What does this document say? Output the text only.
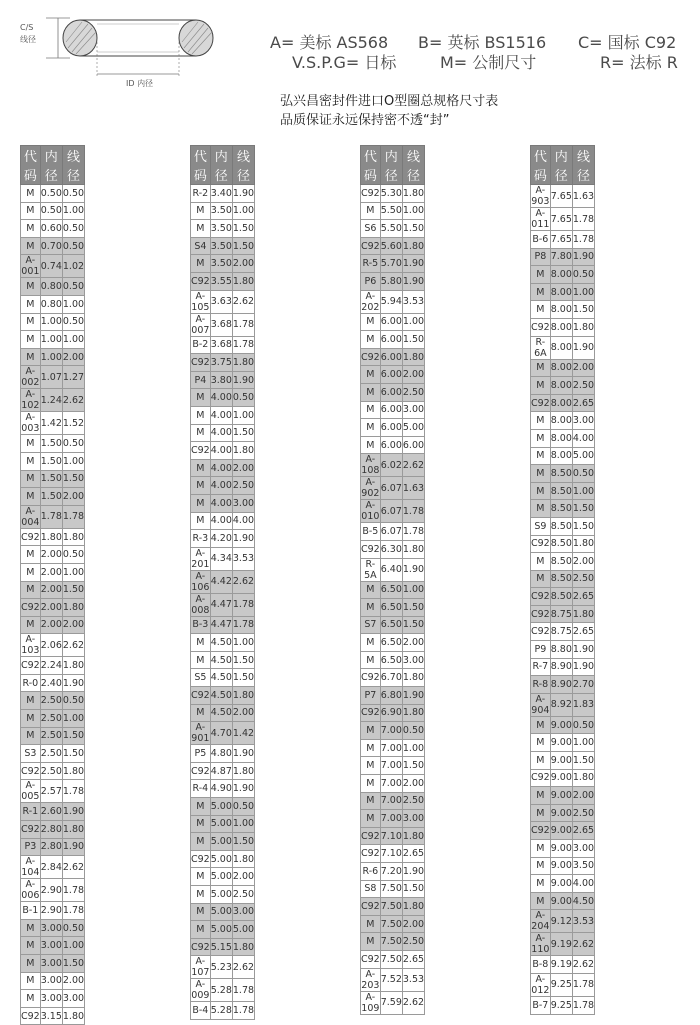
C/S
线径
ID 内径
A= 美标 AS568 B= 英标 BS1516 C= 国标 C92
V.S.P.G= 日标	M= 公制尺寸	R= 法标 R
弘兴昌密封件进口O型圈总规格尺寸表
品质保证永远保持密不透“封”
代码	内径	线径
M	0.50	0.50
M	0.50	1.00
M	0.60	0.50
M	0.70	0.50
A-001	0.74	1.02
M	0.80	0.50
M	0.80	1.00
M	1.00	0.50
M	1.00	1.00
M	1.00	2.00
A-002	1.07	1.27
A-102	1.24	2.62
A-003	1.42	1.52
M	1.50	0.50
M	1.50	1.00
M	1.50	1.50
M	1.50	2.00
A-004	1.78	1.78
C92	1.80	1.80
M	2.00	0.50
M	2.00	1.00
M	2.00	1.50
C92	2.00	1.80
M	2.00	2.00
A-103	2.06	2.62
C92	2.24	1.80
R-0	2.40	1.90
M	2.50	0.50
M	2.50	1.00
M	2.50	1.50
S3	2.50	1.50
C92	2.50	1.80
A-005	2.57	1.78
R-1	2.60	1.90
C92	2.80	1.80
P3	2.80	1.90
A-104	2.84	2.62
A-006	2.90	1.78
B-1	2.90	1.78
M	3.00	0.50
M	3.00	1.00
M	3.00	1.50
M	3.00	2.00
M	3.00	3.00
C92	3.15	1.80
代码	内径	线径
R-2	3.40	1.90
M	3.50	1.00
M	3.50	1.50
S4	3.50	1.50
M	3.50	2.00
C92	3.55	1.80
A-105	3.63	2.62
A-007	3.68	1.78
B-2	3.68	1.78
C92	3.75	1.80
P4	3.80	1.90
M	4.00	0.50
M	4.00	1.00
M	4.00	1.50
C92	4.00	1.80
M	4.00	2.00
M	4.00	2.50
M	4.00	3.00
M	4.00	4.00
R-3	4.20	1.90
A-201	4.34	3.53
A-106	4.42	2.62
A-008	4.47	1.78
B-3	4.47	1.78
M	4.50	1.00
M	4.50	1.50
S5	4.50	1.50
C92	4.50	1.80
M	4.50	2.00
A-901	4.70	1.42
P5	4.80	1.90
C92	4.87	1.80
R-4	4.90	1.90
M	5.00	0.50
M	5.00	1.00
M	5.00	1.50
C92	5.00	1.80
M	5.00	2.00
M	5.00	2.50
M	5.00	3.00
M	5.00	5.00
C92	5.15	1.80
A-107	5.23	2.62
A-009	5.28	1.78
B-4	5.28	1.78
代码	内径	线径
C92	5.30	1.80
M	5.50	1.00
S6	5.50	1.50
C92	5.60	1.80
R-5	5.70	1.90
P6	5.80	1.90
A-202	5.94	3.53
M	6.00	1.00
M	6.00	1.50
C92	6.00	1.80
M	6.00	2.00
M	6.00	2.50
M	6.00	3.00
M	6.00	5.00
M	6.00	6.00
A-108	6.02	2.62
A-902	6.07	1.63
A-010	6.07	1.78
B-5	6.07	1.78
C92	6.30	1.80
R-5A	6.40	1.90
M	6.50	1.00
M	6.50	1.50
S7	6.50	1.50
M	6.50	2.00
M	6.50	3.00
C92	6.70	1.80
P7	6.80	1.90
C92	6.90	1.80
M	7.00	0.50
M	7.00	1.00
M	7.00	1.50
M	7.00	2.00
M	7.00	2.50
M	7.00	3.00
C92	7.10	1.80
C92	7.10	2.65
R-6	7.20	1.90
S8	7.50	1.50
C92	7.50	1.80
M	7.50	2.00
M	7.50	2.50
C92	7.50	2.65
A-203	7.52	3.53
A-109	7.59	2.62
代码	内径	线径
A-903	7.65	1.63
A-011	7.65	1.78
B-6	7.65	1.78
P8	7.80	1.90
M	8.00	0.50
M	8.00	1.00
M	8.00	1.50
C92	8.00	1.80
R-6A	8.00	1.90
M	8.00	2.00
M	8.00	2.50
C92	8.00	2.65
M	8.00	3.00
M	8.00	4.00
M	8.00	5.00
M	8.50	0.50
M	8.50	1.00
M	8.50	1.50
S9	8.50	1.50
C92	8.50	1.80
M	8.50	2.00
M	8.50	2.50
C92	8.50	2.65
C92	8.75	1.80
C92	8.75	2.65
P9	8.80	1.90
R-7	8.90	1.90
R-8	8.90	2.70
A-904	8.92	1.83
M	9.00	0.50
M	9.00	1.00
M	9.00	1.50
C92	9.00	1.80
M	9.00	2.00
M	9.00	2.50
C92	9.00	2.65
M	9.00	3.00
M	9.00	3.50
M	9.00	4.00
M	9.00	4.50
A-204	9.12	3.53
A-110	9.19	2.62
B-8	9.19	2.62
A-012	9.25	1.78
B-7	9.25	1.78
